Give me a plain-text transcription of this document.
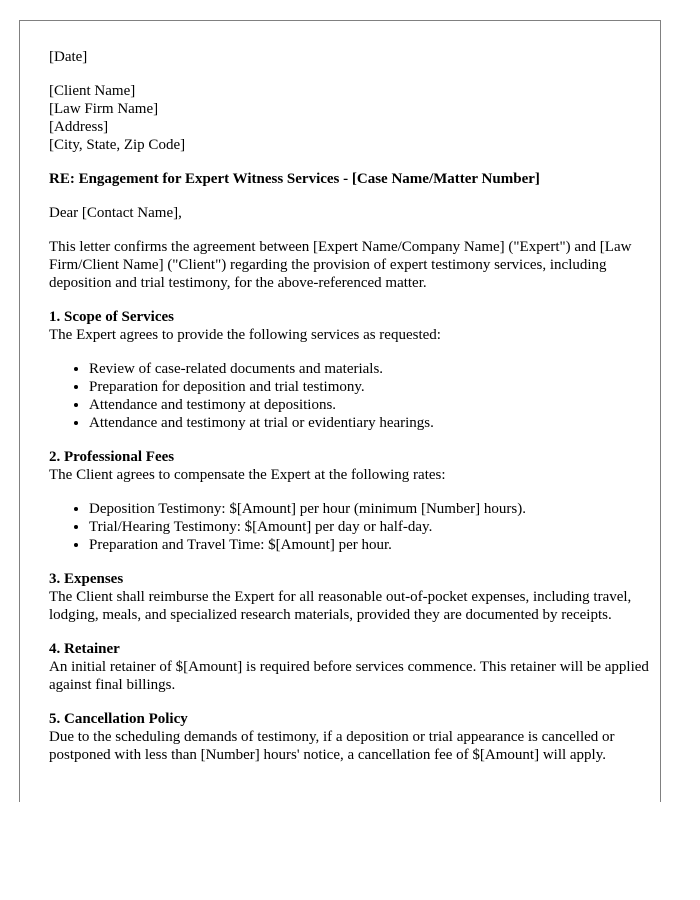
[Date]

[Client Name]
[Law Firm Name]
[Address]
[City, State, Zip Code]

RE: Engagement for Expert Witness Services - [Case Name/Matter Number]

Dear [Contact Name],

This letter confirms the agreement between [Expert Name/Company Name] ("Expert") and [Law Firm/Client Name] ("Client") regarding the provision of expert testimony services, including deposition and trial testimony, for the above-referenced matter.

1. Scope of Services

The Expert agrees to provide the following services as requested:

• Review of case-related documents and materials.
• Preparation for deposition and trial testimony.
• Attendance and testimony at depositions.
• Attendance and testimony at trial or evidentiary hearings.
2. Professional Fees

The Client agrees to compensate the Expert at the following rates:

• Deposition Testimony: $[Amount] per hour (minimum [Number] hours).
• Trial/Hearing Testimony: $[Amount] per day or half-day.
• Preparation and Travel Time: $[Amount] per hour.
3. Expenses

The Client shall reimburse the Expert for all reasonable out-of-pocket expenses, including travel, lodging, meals, and specialized research materials, provided they are documented by receipts.

4. Retainer

An initial retainer of $[Amount] is required before services commence. This retainer will be applied against final billings.

5. Cancellation Policy

Due to the scheduling demands of testimony, if a deposition or trial appearance is cancelled or postponed with less than [Number] hours' notice, a cancellation fee of $[Amount] will apply.
